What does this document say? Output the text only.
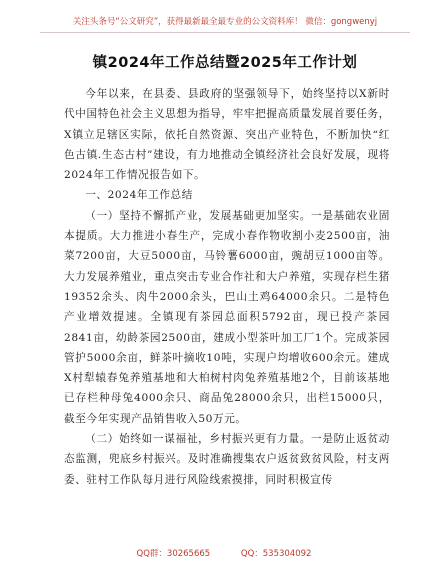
关注头条号“公文研究”，获得最新最全最专业的公文资料库！ 微信：gongwenyj
镇2024年工作总结暨2025年工作计划

今年以来，在县委、县政府的坚强领导下，始终坚持以X新时代中国特色社会主义思想为指导，牢牢把握高质量发展首要任务，X镇立足辖区实际，依托自然资源、突出产业特色，不断加快“红色古镇.生态古村”建设，有力地推动全镇经济社会良好发展，现将2024年工作情况报告如下。

一、2024年工作总结

（一）坚持不懈抓产业，发展基础更加坚实。一是基础农业固本提质。大力推进小春生产，完成小春作物收割小麦2500亩，油菜7200亩，大豆5000亩，马铃薯6000亩，豌胡豆1000亩等。大力发展养殖业，重点突击专业合作社和大户养殖，实现存栏生猪19352余头、肉牛2000余头，巴山土鸡64000余只。二是特色产业增效提速。全镇现有茶园总面积5792亩，现已投产茶园2841亩，幼龄茶园2500亩，建成小型茶叶加工厂1个。完成茶园管护5000余亩，鲜茶叶摘收10吨，实现户均增收600余元。建成X村犁辕春兔养殖基地和大柏树村肉兔养殖基地2个，目前该基地已存栏种母兔4000余只、商品兔28000余只，出栏15000只，截至今年实现产品销售收入50万元。

（二）始终如一谋福祉，乡村振兴更有力量。一是防止返贫动态监测，兜底乡村振兴。及时准确搜集农户返贫致贫风险，村支两委、驻村工作队每月进行风险线索摸排，同时积极宣传

QQ群：30265665	QQ：535304092
